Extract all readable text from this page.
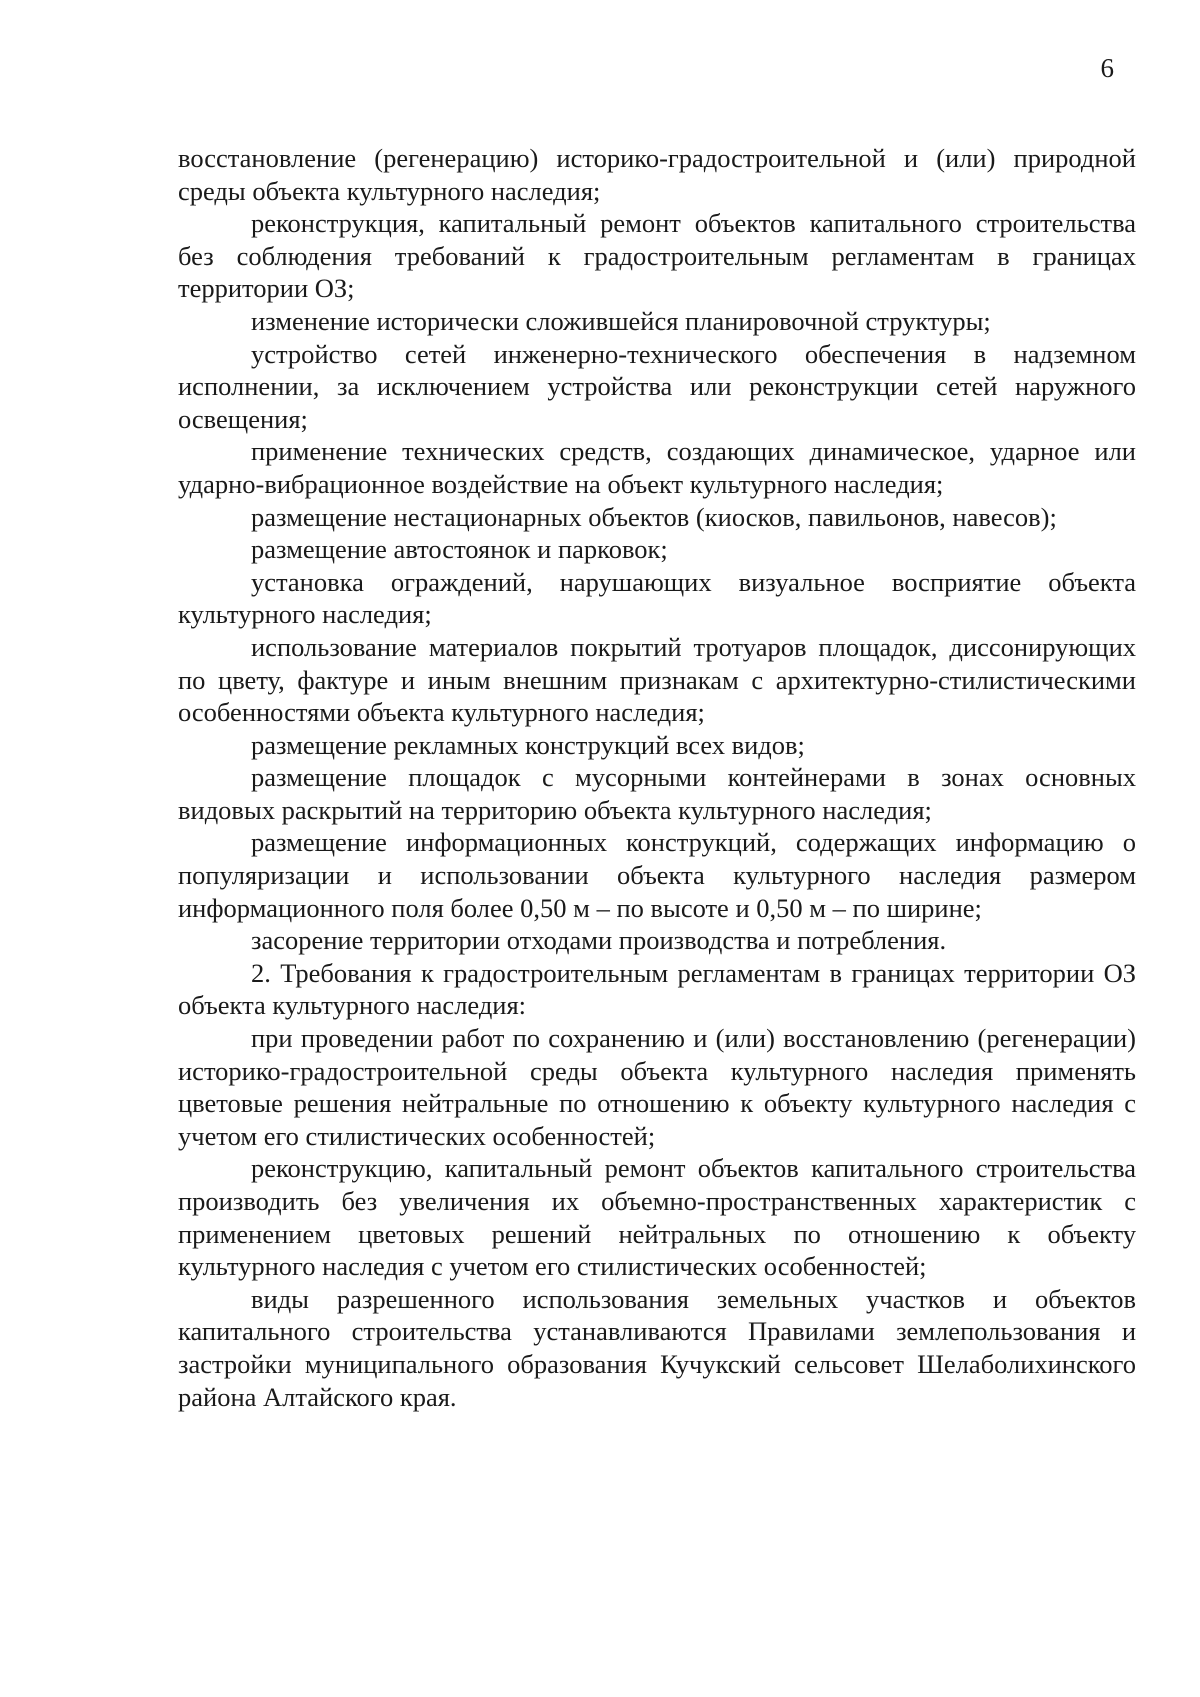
6

восстановление (регенерацию) историко-градостроительной и (или) природной среды объекта культурного наследия;

реконструкция, капитальный ремонт объектов капитального строительства без соблюдения требований к градостроительным регламентам в границах территории ОЗ;

изменение исторически сложившейся планировочной структуры;

устройство сетей инженерно-технического обеспечения в надземном исполнении, за исключением устройства или реконструкции сетей наружного освещения;

применение технических средств, создающих динамическое, ударное или ударно-вибрационное воздействие на объект культурного наследия;

размещение нестационарных объектов (киосков, павильонов, навесов);

размещение автостоянок и парковок;

установка ограждений, нарушающих визуальное восприятие объекта культурного наследия;

использование материалов покрытий тротуаров площадок, диссонирующих по цвету, фактуре и иным внешним признакам с архитектурно-стилистическими особенностями объекта культурного наследия;

размещение рекламных конструкций всех видов;

размещение площадок с мусорными контейнерами в зонах основных видовых раскрытий на территорию объекта культурного наследия;

размещение информационных конструкций, содержащих информацию о популяризации и использовании объекта культурного наследия размером информационного поля более 0,50 м – по высоте и 0,50 м – по ширине;

засорение территории отходами производства и потребления.

2. Требования к градостроительным регламентам в границах территории ОЗ объекта культурного наследия:

при проведении работ по сохранению и (или) восстановлению (регенерации) историко-градостроительной среды объекта культурного наследия применять цветовые решения нейтральные по отношению к объекту культурного наследия с учетом его стилистических особенностей;

реконструкцию, капитальный ремонт объектов капитального строительства производить без увеличения их объемно-пространственных характеристик с применением цветовых решений нейтральных по отношению к объекту культурного наследия с учетом его стилистических особенностей;

виды разрешенного использования земельных участков и объектов капитального строительства устанавливаются Правилами землепользования и застройки муниципального образования Кучукский сельсовет Шелаболихинского района Алтайского края.
